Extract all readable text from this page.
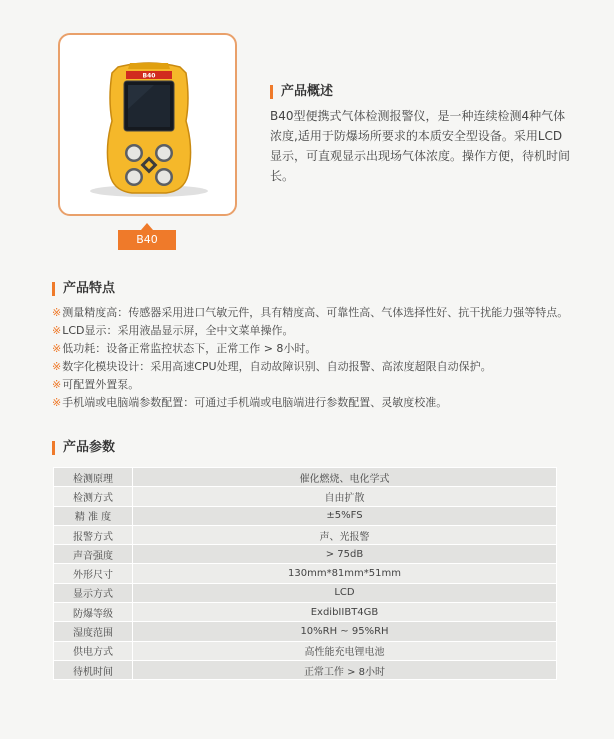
B40
B40
产品概述
B40型便携式气体检测报警仪，是一种连续检测4种气体浓度,适用于防爆场所要求的本质安全型设备。采用LCD显示，可直观显示出现场气体浓度。操作方便，待机时间长。
产品特点
※测量精度高：传感器采用进口气敏元件，具有精度高、可靠性高、气体选择性好、抗干扰能力强等特点。
※LCD显示：采用液晶显示屏，全中文菜单操作。
※低功耗：设备正常监控状态下，正常工作 > 8小时。
※数字化模块设计：采用高速CPU处理，自动故障识别、自动报警、高浓度超限自动保护。
※可配置外置泵。
※手机端或电脑端参数配置：可通过手机端或电脑端进行参数配置、灵敏度校准。
产品参数
检测原理	催化燃烧、电化学式
检测方式	自由扩散
精 准 度	±5%FS
报警方式	声、光报警
声音强度	> 75dB
外形尺寸	130mm*81mm*51mm
显示方式	LCD
防爆等级	ExdibIIBT4GB
湿度范围	10%RH ~ 95%RH
供电方式	高性能充电锂电池
待机时间	正常工作 > 8小时
